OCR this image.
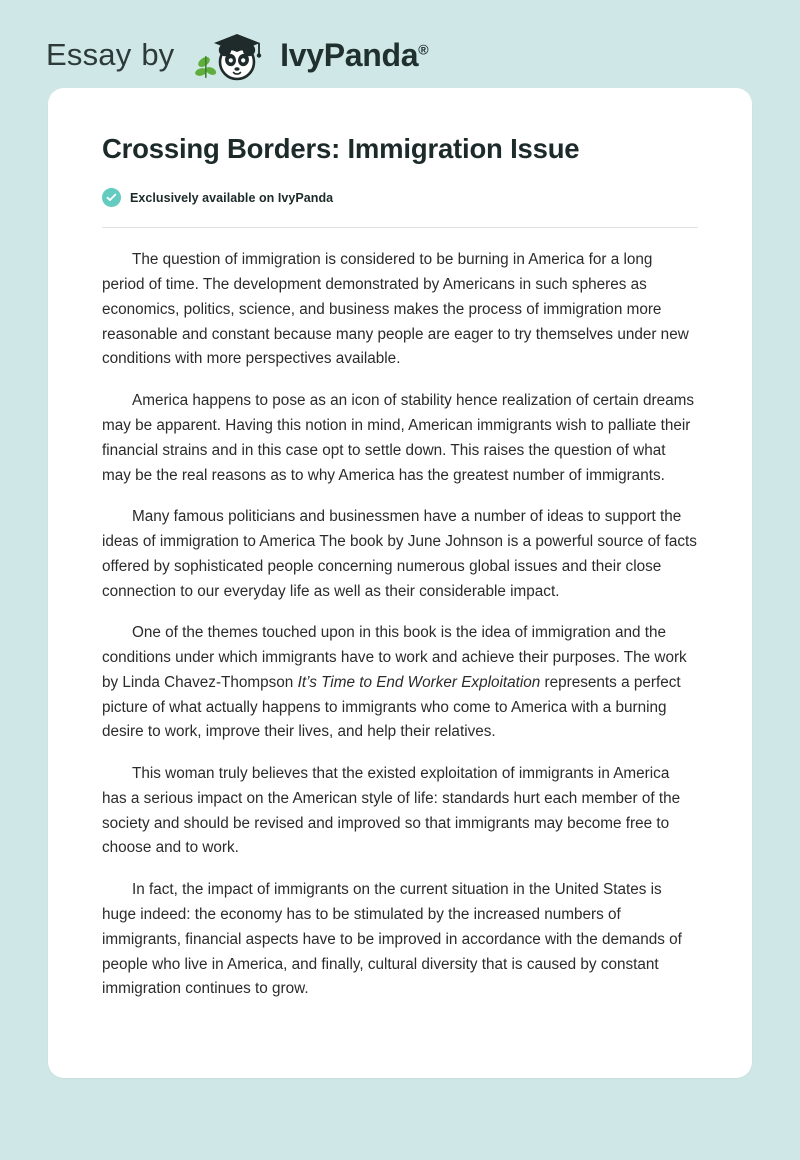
Essay by	IvyPanda®
Crossing Borders: Immigration Issue
Exclusively available on IvyPanda

The question of immigration is considered to be burning in America for a long period of time. The development demonstrated by Americans in such spheres as economics, politics, science, and business makes the process of immigration more reasonable and constant because many people are eager to try themselves under new conditions with more perspectives available.

America happens to pose as an icon of stability hence realization of certain dreams may be apparent. Having this notion in mind, American immigrants wish to palliate their financial strains and in this case opt to settle down. This raises the question of what may be the real reasons as to why America has the greatest number of immigrants.

Many famous politicians and businessmen have a number of ideas to support the ideas of immigration to America The book by June Johnson is a powerful source of facts offered by sophisticated people concerning numerous global issues and their close connection to our everyday life as well as their considerable impact.

One of the themes touched upon in this book is the idea of immigration and the conditions under which immigrants have to work and achieve their purposes. The work by Linda Chavez-Thompson It’s Time to End Worker Exploitation represents a perfect picture of what actually happens to immigrants who come to America with a burning desire to work, improve their lives, and help their relatives.

This woman truly believes that the existed exploitation of immigrants in America has a serious impact on the American style of life: standards hurt each member of the society and should be revised and improved so that immigrants may become free to choose and to work.

In fact, the impact of immigrants on the current situation in the United States is huge indeed: the economy has to be stimulated by the increased numbers of immigrants, financial aspects have to be improved in accordance with the demands of people who live in America, and finally, cultural diversity that is caused by constant immigration continues to grow.
